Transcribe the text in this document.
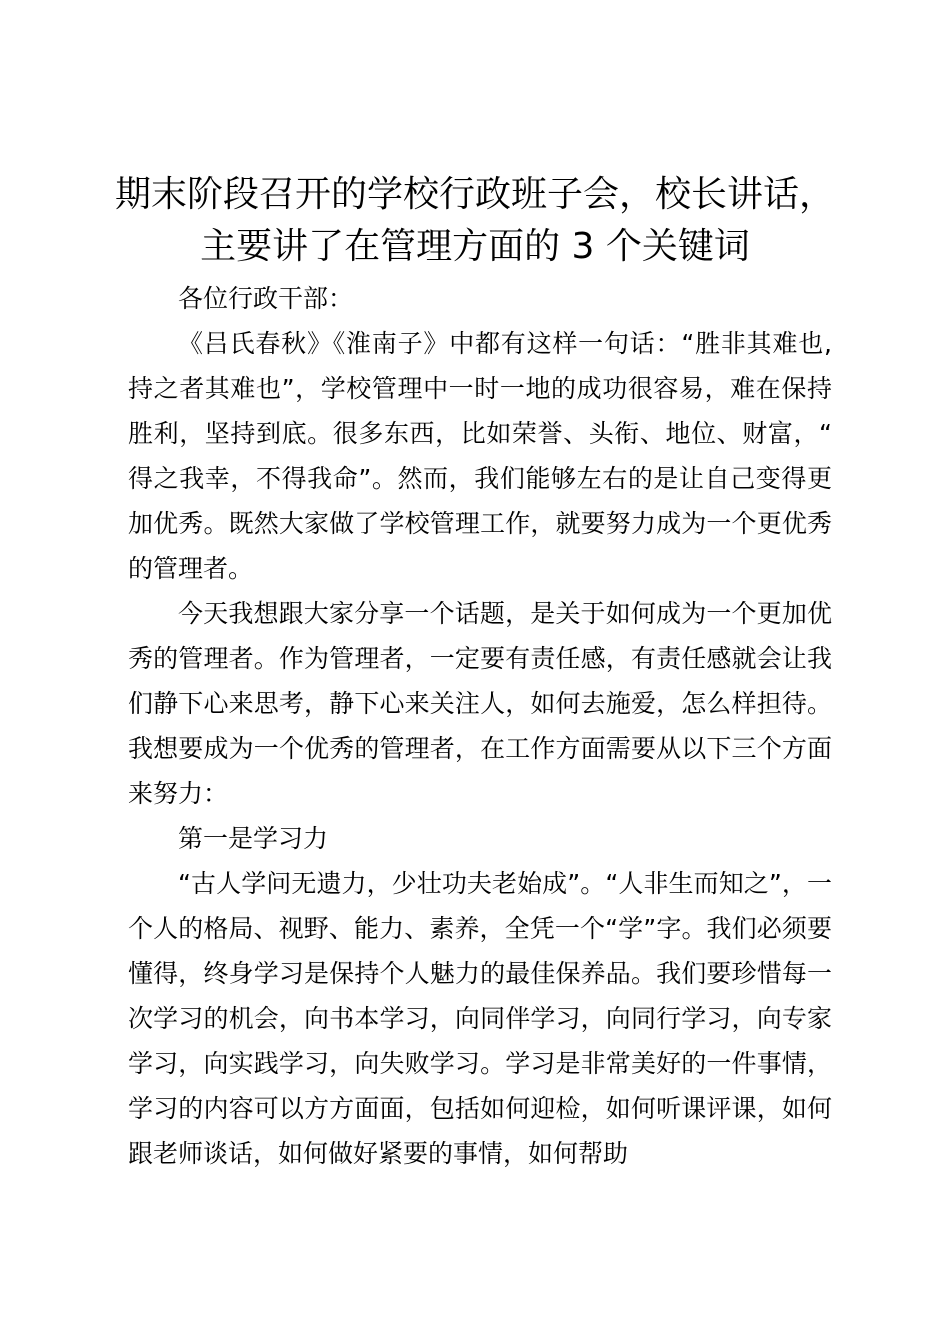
期末阶段召开的学校行政班子会，校长讲话，
主要讲了在管理方面的 3 个关键词

各位行政干部：

《吕氏春秋》《淮南子》中都有这样一句话：“胜非其难也,持之者其难也”，学校管理中一时一地的成功很容易，难在保持胜利，坚持到底。很多东西，比如荣誉、头衔、地位、财富，“得之我幸，不得我命”。然而，我们能够左右的是让自己变得更加优秀。既然大家做了学校管理工作，就要努力成为一个更优秀的管理者。

今天我想跟大家分享一个话题，是关于如何成为一个更加优秀的管理者。作为管理者，一定要有责任感，有责任感就会让我们静下心来思考，静下心来关注人，如何去施爱，怎么样担待。我想要成为一个优秀的管理者，在工作方面需要从以下三个方面来努力：

第一是学习力

“古人学问无遗力，少壮功夫老始成”。“人非生而知之”，一个人的格局、视野、能力、素养，全凭一个“学”字。我们必须要懂得，终身学习是保持个人魅力的最佳保养品。我们要珍惜每一次学习的机会，向书本学习，向同伴学习，向同行学习，向专家学习，向实践学习，向失败学习。学习是非常美好的一件事情，学习的内容可以方方面面，包括如何迎检，如何听课评课，如何跟老师谈话，如何做好紧要的事情，如何帮助
